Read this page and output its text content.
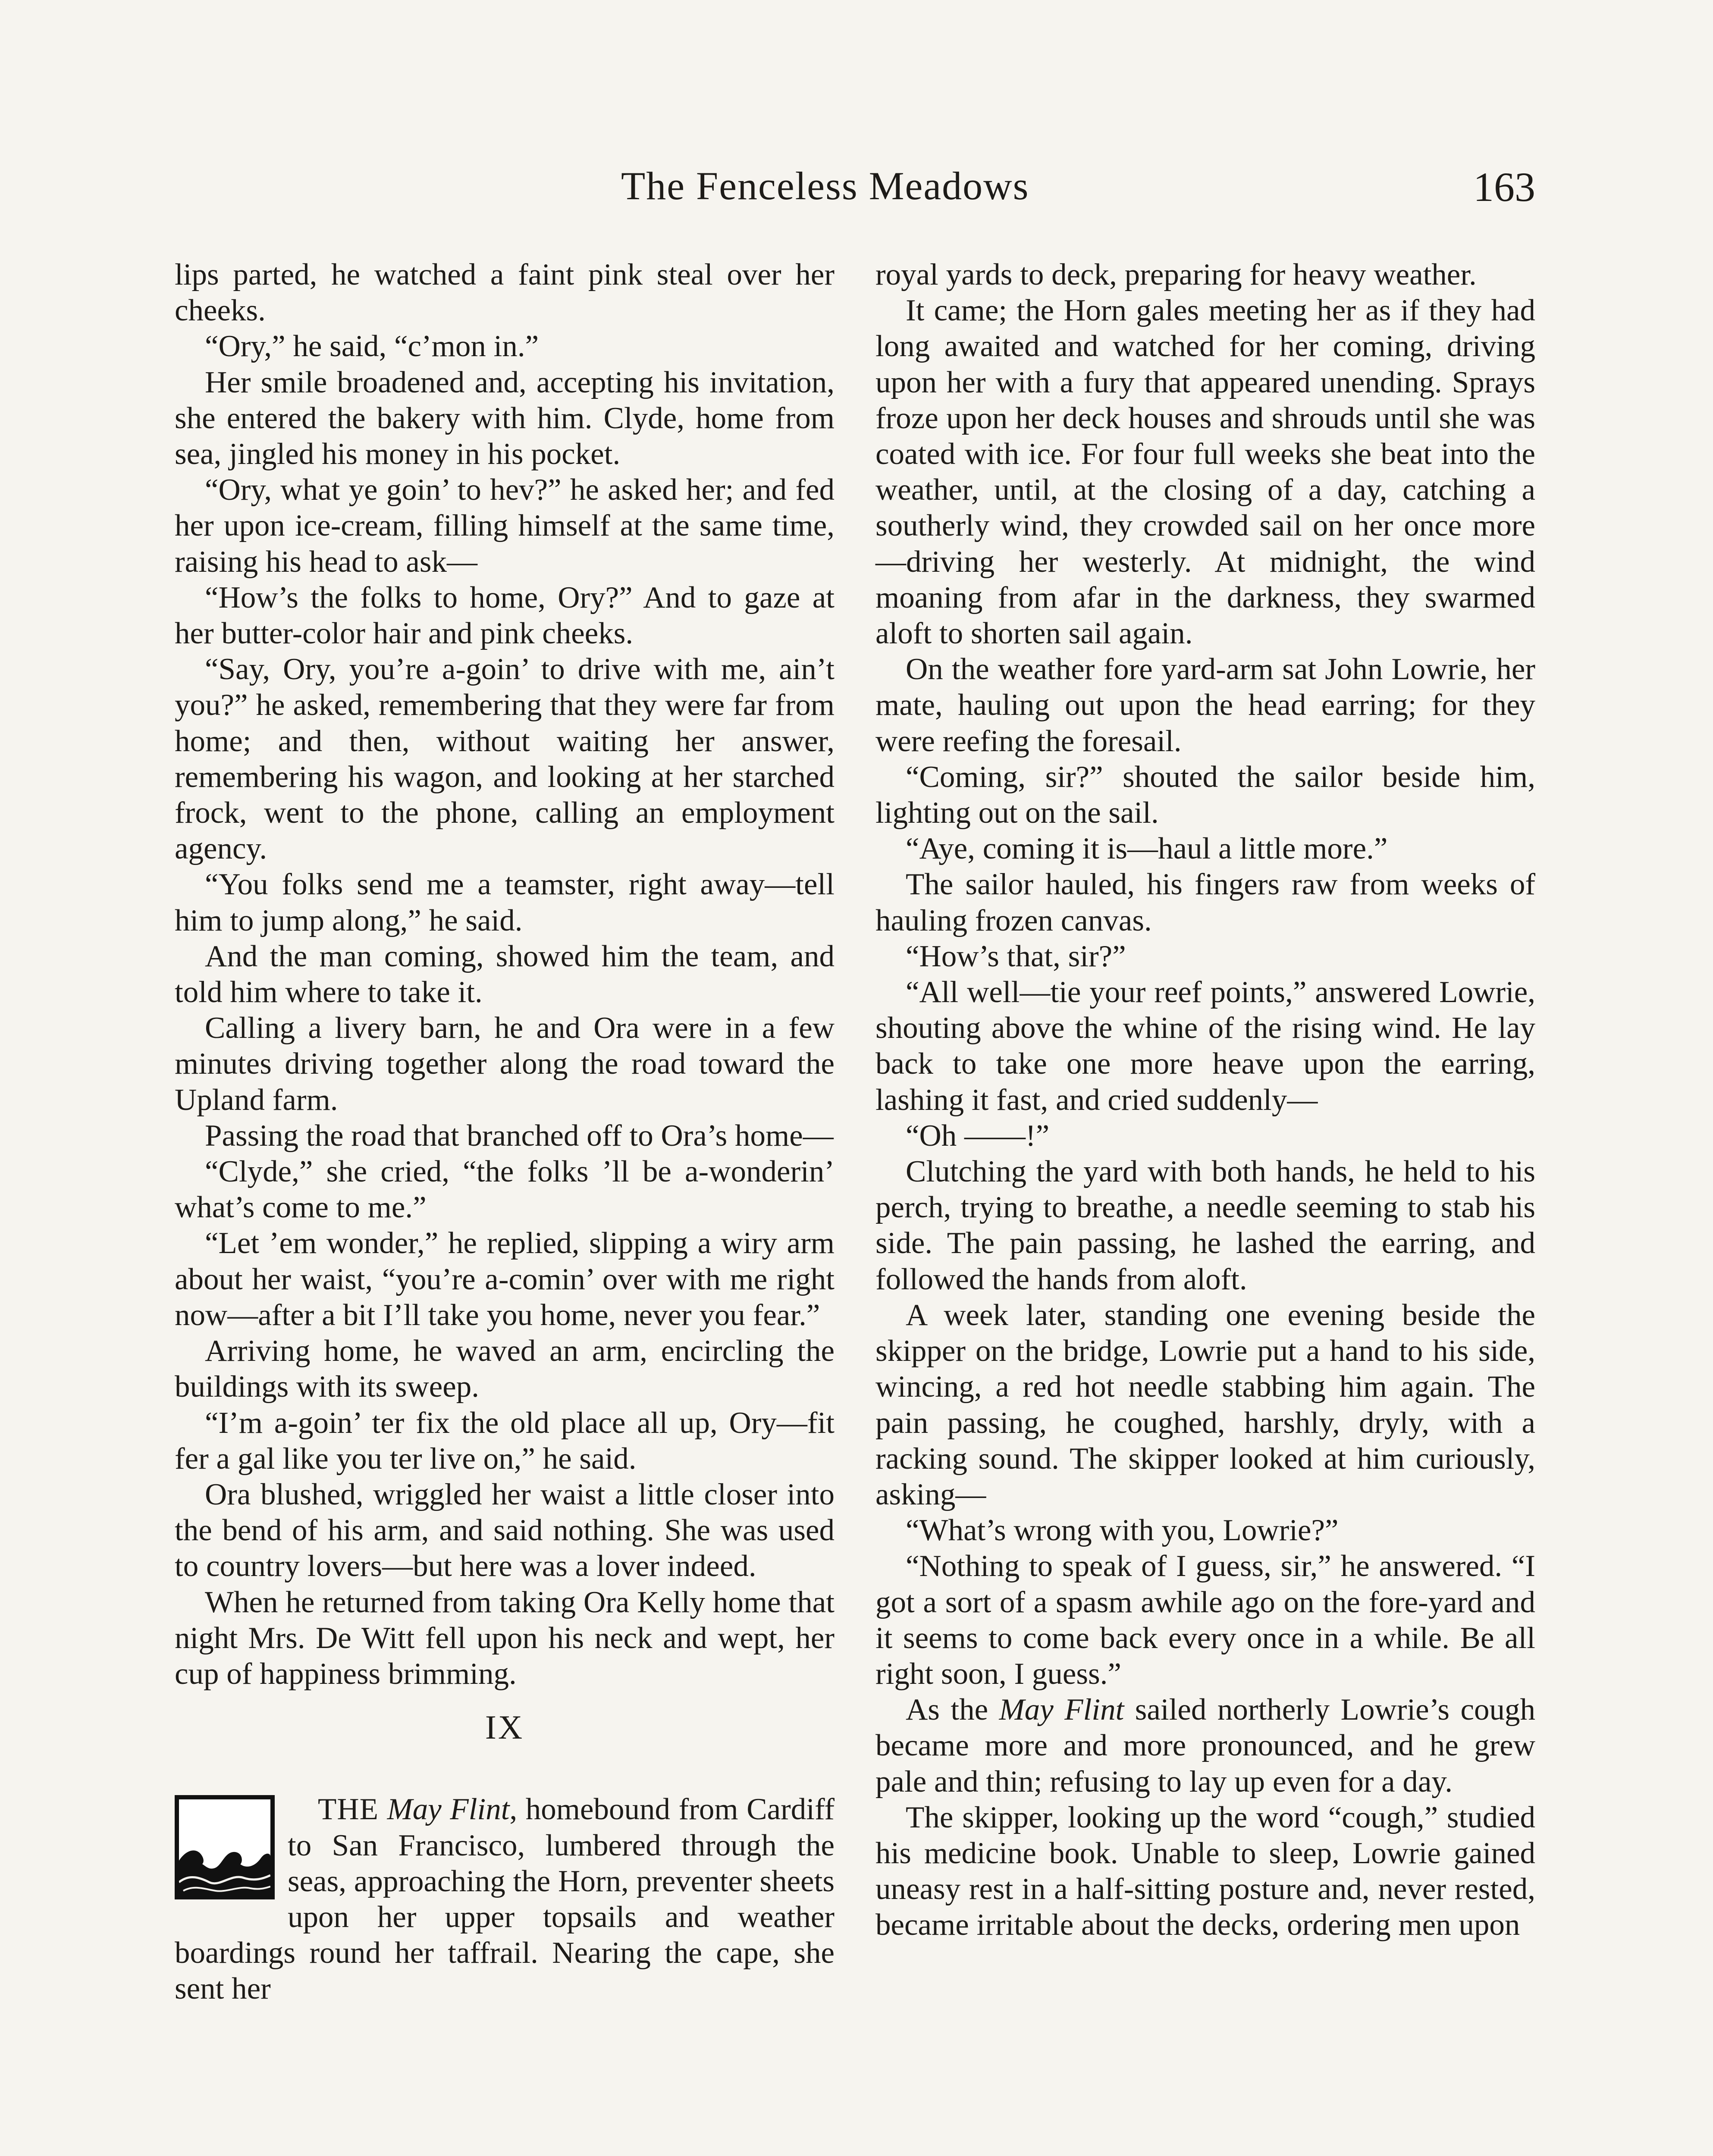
The Fenceless Meadows	163

lips parted, he watched a faint pink steal over her cheeks.

“Ory,” he said, “c’mon in.”

Her smile broadened and, accepting his invitation, she entered the bakery with him. Clyde, home from sea, jingled his money in his pocket.

“Ory, what ye goin’ to hev?” he asked her; and fed her upon ice-cream, filling himself at the same time, raising his head to ask—

“How’s the folks to home, Ory?” And to gaze at her butter-color hair and pink cheeks.

“Say, Ory, you’re a-goin’ to drive with me, ain’t you?” he asked, remembering that they were far from home; and then, without waiting her answer, remembering his wagon, and looking at her starched frock, went to the phone, calling an employment agency.

“You folks send me a teamster, right away—tell him to jump along,” he said.

And the man coming, showed him the team, and told him where to take it.

Calling a livery barn, he and Ora were in a few minutes driving together along the road toward the Upland farm.

Passing the road that branched off to Ora’s home—

“Clyde,” she cried, “the folks ’ll be a-wonderin’ what’s come to me.”

“Let ’em wonder,” he replied, slipping a wiry arm about her waist, “you’re a-comin’ over with me right now—after a bit I’ll take you home, never you fear.”

Arriving home, he waved an arm, encircling the buildings with its sweep.

“I’m a-goin’ ter fix the old place all up, Ory—fit fer a gal like you ter live on,” he said.

Ora blushed, wriggled her waist a little closer into the bend of his arm, and said nothing. She was used to country lovers—but here was a lover indeed.

When he returned from taking Ora Kelly home that night Mrs. De Witt fell upon his neck and wept, her cup of happiness brimming.

IX

THE May Flint, homebound from Cardiff to San Francisco, lumbered through the seas, approaching the Horn, preventer sheets upon her upper topsails and weather boardings round her taffrail. Nearing the cape, she sent her

royal yards to deck, preparing for heavy weather.

It came; the Horn gales meeting her as if they had long awaited and watched for her coming, driving upon her with a fury that appeared unending. Sprays froze upon her deck houses and shrouds until she was coated with ice. For four full weeks she beat into the weather, until, at the closing of a day, catching a southerly wind, they crowded sail on her once more—driving her westerly. At midnight, the wind moaning from afar in the darkness, they swarmed aloft to shorten sail again.

On the weather fore yard-arm sat John Lowrie, her mate, hauling out upon the head earring; for they were reefing the foresail.

“Coming, sir?” shouted the sailor beside him, lighting out on the sail.

“Aye, coming it is—haul a little more.”

The sailor hauled, his fingers raw from weeks of hauling frozen canvas.

“How’s that, sir?”

“All well—tie your reef points,” answered Lowrie, shouting above the whine of the rising wind. He lay back to take one more heave upon the earring, lashing it fast, and cried suddenly—

“Oh ——!”

Clutching the yard with both hands, he held to his perch, trying to breathe, a needle seeming to stab his side. The pain passing, he lashed the earring, and followed the hands from aloft.

A week later, standing one evening beside the skipper on the bridge, Lowrie put a hand to his side, wincing, a red hot needle stabbing him again. The pain passing, he coughed, harshly, dryly, with a racking sound. The skipper looked at him curiously, asking—

“What’s wrong with you, Lowrie?”

“Nothing to speak of I guess, sir,” he answered. “I got a sort of a spasm awhile ago on the fore-yard and it seems to come back every once in a while. Be all right soon, I guess.”

As the May Flint sailed northerly Lowrie’s cough became more and more pronounced, and he grew pale and thin; refusing to lay up even for a day.

The skipper, looking up the word “cough,” studied his medicine book. Unable to sleep, Lowrie gained uneasy rest in a half-sitting posture and, never rested, became irritable about the decks, ordering men upon
